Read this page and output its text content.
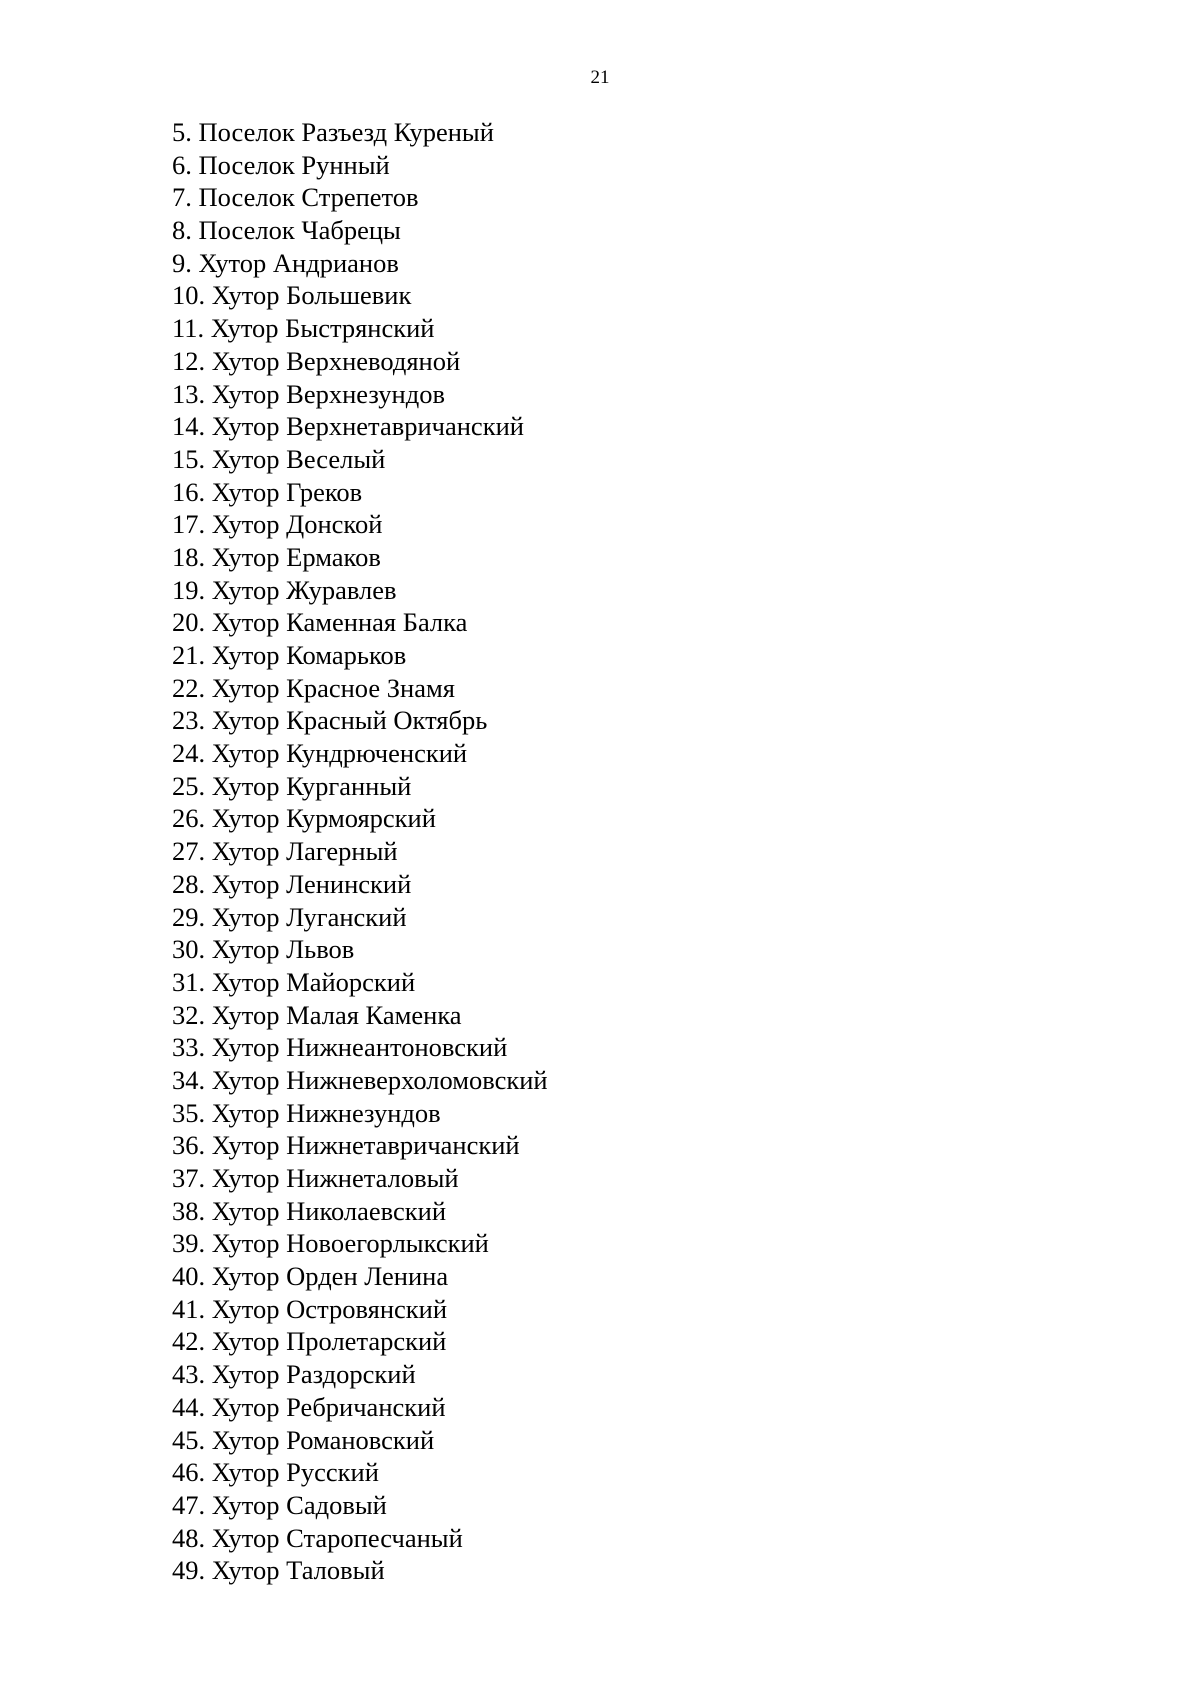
21
5. Поселок Разъезд Куреный
6. Поселок Рунный
7. Поселок Стрепетов
8. Поселок Чабрецы
9. Хутор Андрианов
10. Хутор Большевик
11. Хутор Быстрянский
12. Хутор Верхневодяной
13. Хутор Верхнезундов
14. Хутор Верхнетавричанский
15. Хутор Веселый
16. Хутор Греков
17. Хутор Донской
18. Хутор Ермаков
19. Хутор Журавлев
20. Хутор Каменная Балка
21. Хутор Комарьков
22. Хутор Красное Знамя
23. Хутор Красный Октябрь
24. Хутор Кундрюченский
25. Хутор Курганный
26. Хутор Курмоярский
27. Хутор Лагерный
28. Хутор Ленинский
29. Хутор Луганский
30. Хутор Львов
31. Хутор Майорский
32. Хутор Малая Каменка
33. Хутор Нижнеантоновский
34. Хутор Нижневерхоломовский
35. Хутор Нижнезундов
36. Хутор Нижнетавричанский
37. Хутор Нижнеталовый
38. Хутор Николаевский
39. Хутор Новоегорлыкский
40. Хутор Орден Ленина
41. Хутор Островянский
42. Хутор Пролетарский
43. Хутор Раздорский
44. Хутор Ребричанский
45. Хутор Романовский
46. Хутор Русский
47. Хутор Садовый
48. Хутор Старопесчаный
49. Хутор Таловый
